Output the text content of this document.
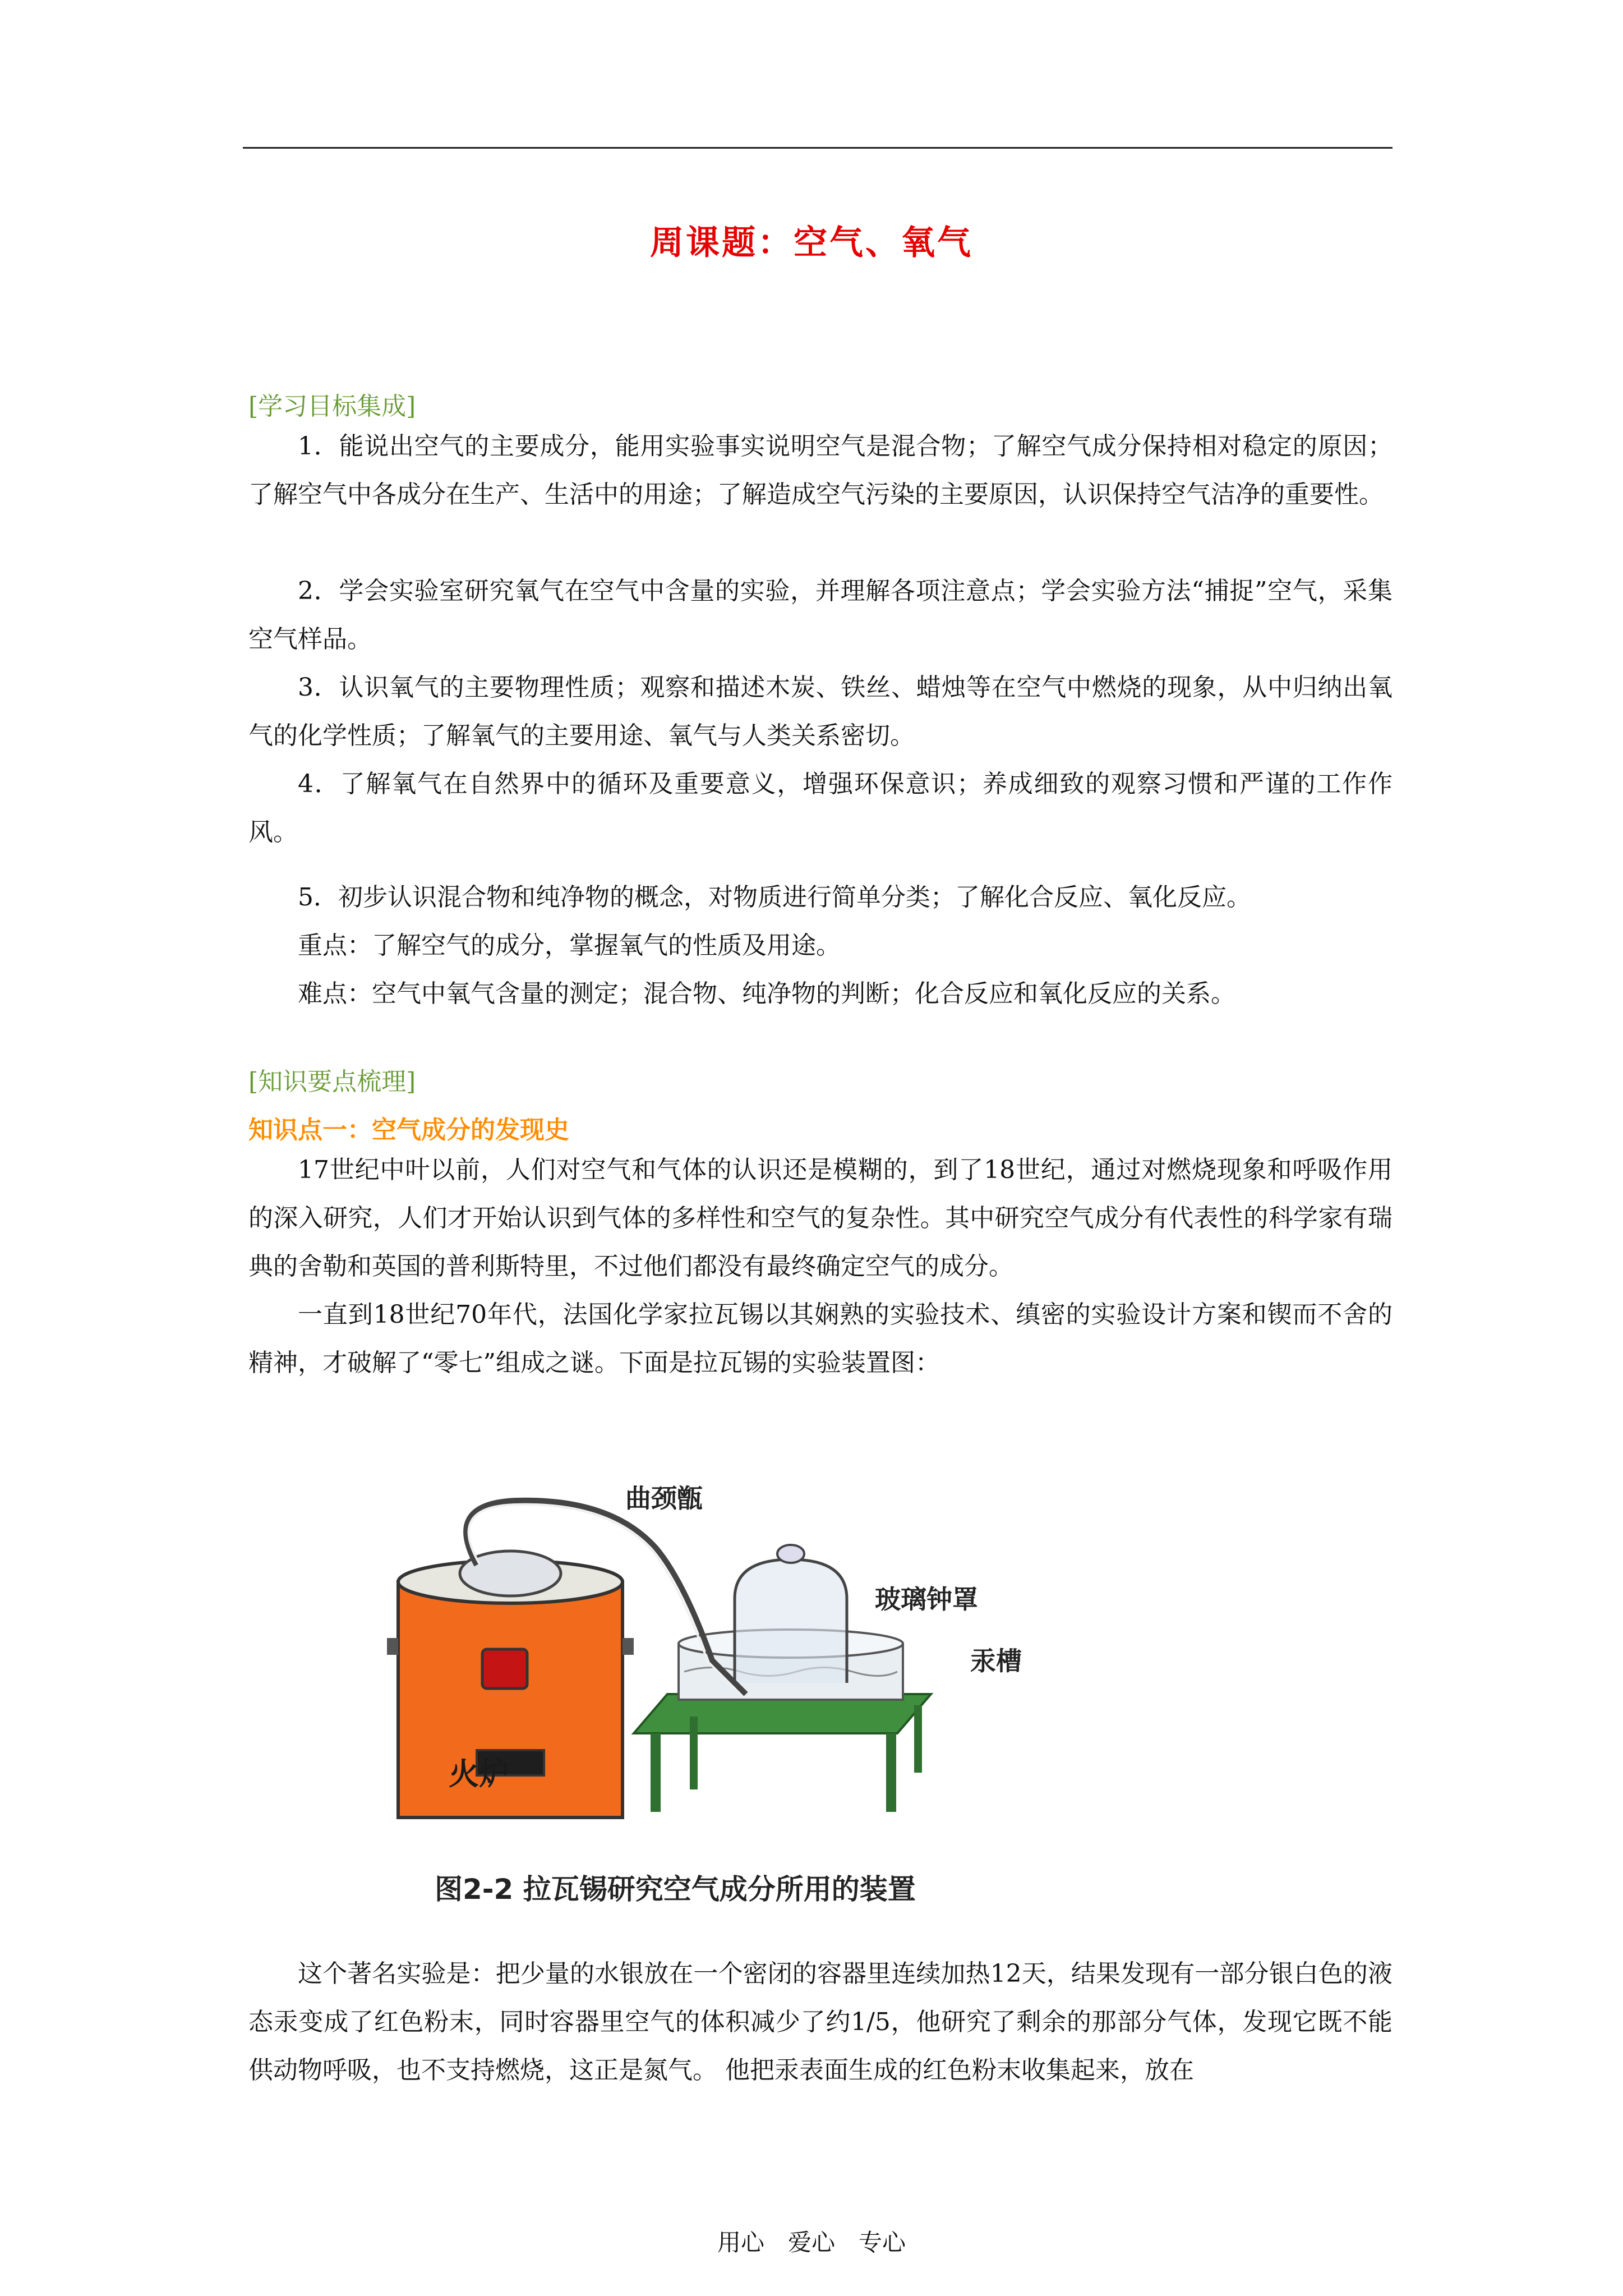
周课题：空气、氧气
[学习目标集成]

1．能说出空气的主要成分，能用实验事实说明空气是混合物；了解空气成分保持相对稳定的原因；了解空气中各成分在生产、生活中的用途；了解造成空气污染的主要原因，认识保持空气洁净的重要性。

2．学会实验室研究氧气在空气中含量的实验，并理解各项注意点；学会实验方法“捕捉”空气，采集空气样品。

3．认识氧气的主要物理性质；观察和描述木炭、铁丝、蜡烛等在空气中燃烧的现象，从中归纳出氧气的化学性质；了解氧气的主要用途、氧气与人类关系密切。

4．了解氧气在自然界中的循环及重要意义，增强环保意识；养成细致的观察习惯和严谨的工作作风。

5．初步认识混合物和纯净物的概念，对物质进行简单分类；了解化合反应、氧化反应。
重点：了解空气的成分，掌握氧气的性质及用途。
难点：空气中氧气含量的测定；混合物、纯净物的判断；化合反应和氧化反应的关系。
[知识要点梳理]
知识点一：空气成分的发现史

17世纪中叶以前，人们对空气和气体的认识还是模糊的，到了18世纪，通过对燃烧现象和呼吸作用的深入研究，人们才开始认识到气体的多样性和空气的复杂性。其中研究空气成分有代表性的科学家有瑞典的舍勒和英国的普利斯特里，不过他们都没有最终确定空气的成分。

一直到18世纪70年代，法国化学家拉瓦锡以其娴熟的实验技术、缜密的实验设计方案和锲而不舍的精神，才破解了“零七”组成之谜。下面是拉瓦锡的实验装置图：

曲颈甑
玻璃钟罩
汞槽
火炉
图2-2 拉瓦锡研究空气成分所用的装置

这个著名实验是：把少量的水银放在一个密闭的容器里连续加热12天，结果发现有一部分银白色的液态汞变成了红色粉末，同时容器里空气的体积减少了约1/5，他研究了剩余的那部分气体，发现它既不能供动物呼吸，也不支持燃烧，这正是氮气。 他把汞表面生成的红色粉末收集起来，放在

用心　爱心　专心
